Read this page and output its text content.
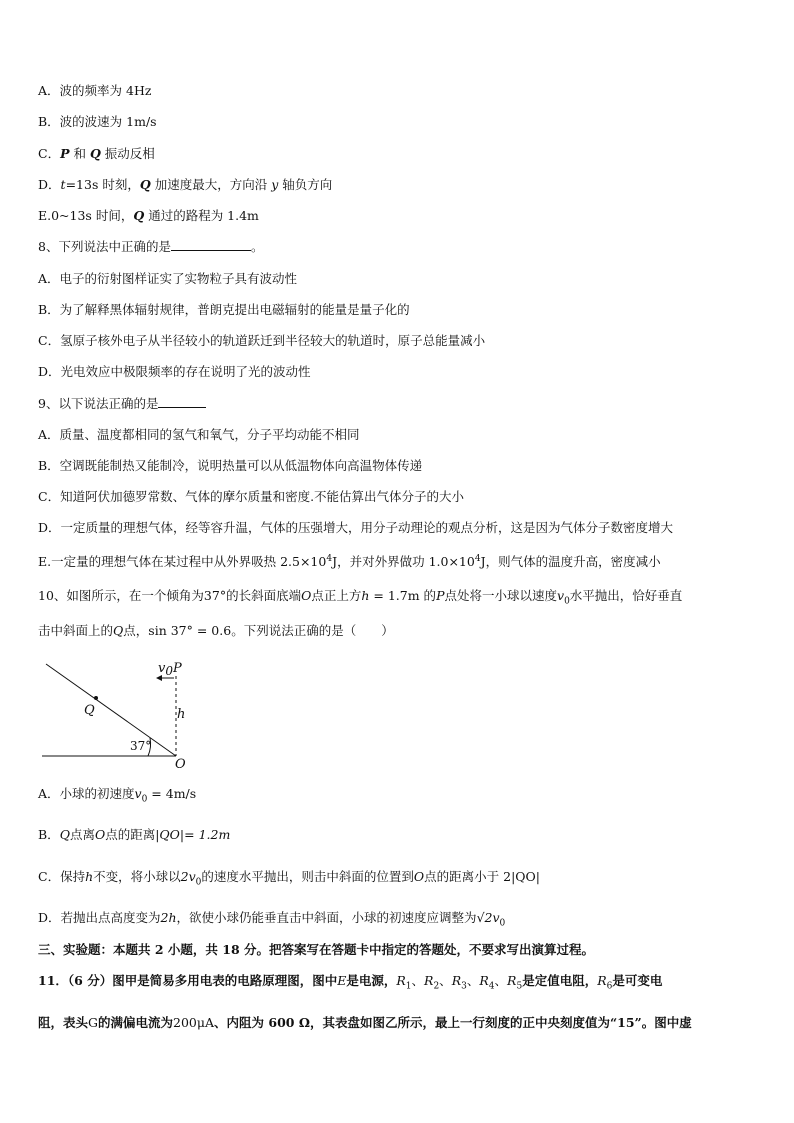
A．波的频率为 4Hz
B．波的波速为 1m/s
C．P 和 Q 振动反相
D．t=13s 时刻，Q 加速度最大，方向沿 y 轴负方向
E.0~13s 时间，Q 通过的路程为 1.4m
8、下列说法中正确的是	。
A．电子的衍射图样证实了实物粒子具有波动性
B．为了解释黑体辐射规律，普朗克提出电磁辐射的能量是量子化的
C．氢原子核外电子从半径较小的轨道跃迁到半径较大的轨道时，原子总能量减小
D．光电效应中极限频率的存在说明了光的波动性
9、以下说法正确的是
A．质量、温度都相同的氢气和氧气，分子平均动能不相同
B．空调既能制热又能制冷，说明热量可以从低温物体向高温物体传递
C．知道阿伏加德罗常数、气体的摩尔质量和密度.不能估算出气体分子的大小
D．一定质量的理想气体，经等容升温，气体的压强增大，用分子动理论的观点分析，这是因为气体分子数密度增大
E.一定量的理想气体在某过程中从外界吸热 $2.5\times 10^4J$，并对外界做功 $1.0\times 10^4J$，则气体的温度升高，密度减小
10、如图所示，在一个倾角为37°的长斜面底端O点正上方h = 1.7m 的P点处将一小球以速度$v_0$水平抛出，恰好垂直
击中斜面上的Q点，sin 37° = 0.6。下列说法正确的是（　　）
v0 P
h
Q
37°
O
A．小球的初速度$v_0 = 4m/s$
B．Q点离O点的距离|QO|= 1.2m
C．保持h不变，将小球以$2v_0$的速度水平抛出，则击中斜面的位置到O点的距离小于 2|QO|
D．若抛出点高度变为2h，欲使小球仍能垂直击中斜面，小球的初速度应调整为$√2v_0$
三、实验题：本题共 2 小题，共 18 分。把答案写在答题卡中指定的答题处，不要求写出演算过程。
11．（6 分）图甲是简易多用电表的电路原理图，图中E是电源，$R_1$、$R_2$、$R_3$、$R_4$、$R_5$是定值电阻，$R_6$是可变电
阻，表头G的满偏电流为200μA、内阻为 600 Ω，其表盘如图乙所示，最上一行刻度的正中央刻度值为“15”。图中虚
